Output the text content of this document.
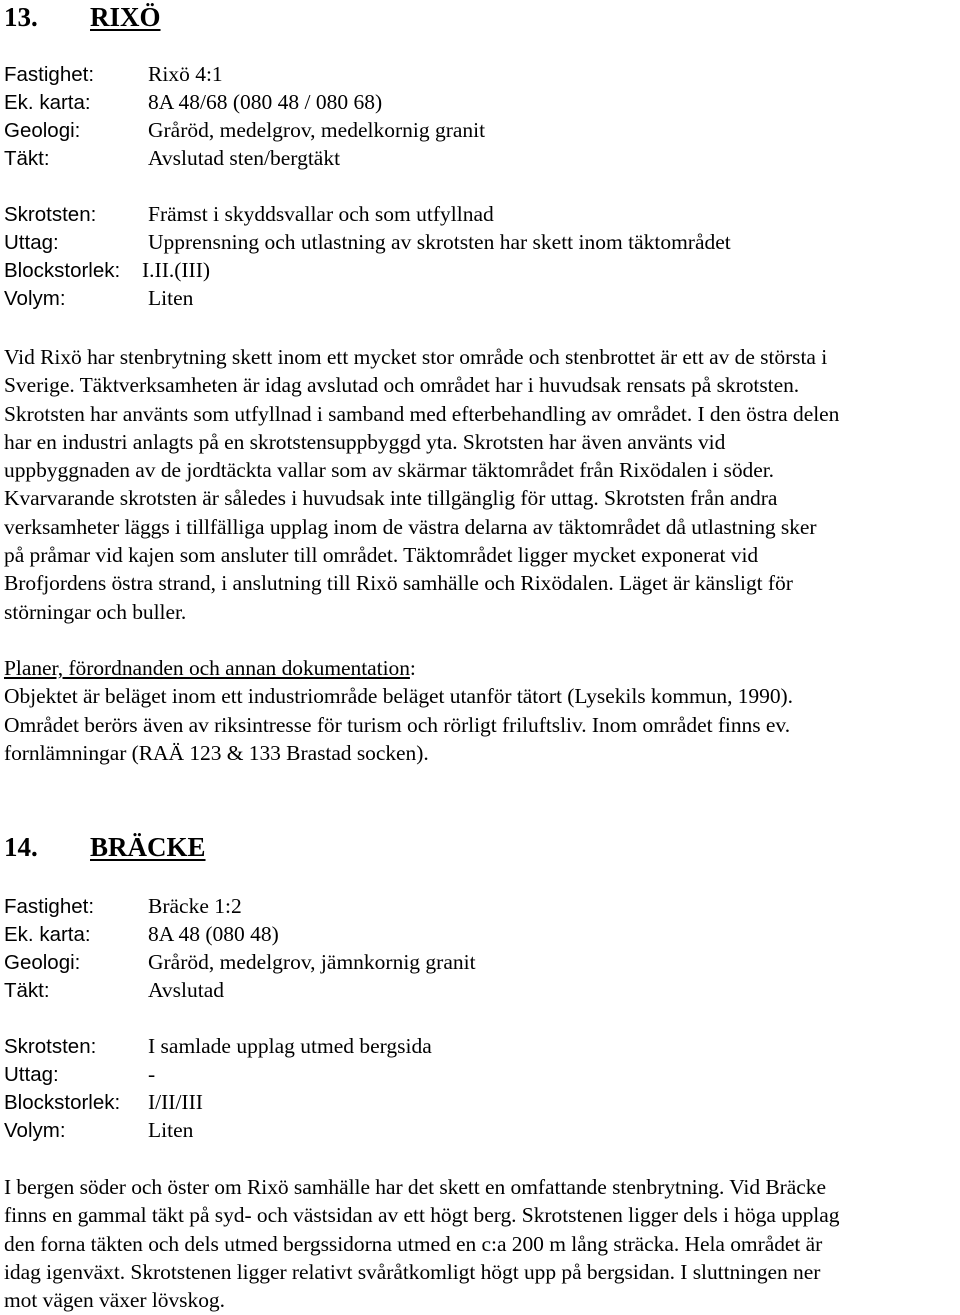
13. RIXÖ
Fastighet:	Rixö 4:1
Ek. karta:	8A 48/68 (080 48 / 080 68)
Geologi:	Gråröd, medelgrov, medelkornig granit
Täkt:	Avslutad sten/bergtäkt
Skrotsten: Främst i skyddsvallar och som utfyllnad
Uttag:	Upprensning och utlastning av skrotsten har skett inom täktområdet
Blockstorlek: I.II.(III)
Volym:	Liten
Vid Rixö har stenbrytning skett inom ett mycket stor område och stenbrottet är ett av de största i
Sverige. Täktverksamheten är idag avslutad och området har i huvudsak rensats på skrotsten.
Skrotsten har använts som utfyllnad i samband med efterbehandling av området. I den östra delen
har en industri anlagts på en skrotstensuppbyggd yta. Skrotsten har även använts vid
uppbyggnaden av de jordtäckta vallar som av skärmar täktområdet från Rixödalen i söder.
Kvarvarande skrotsten är således i huvudsak inte tillgänglig för uttag. Skrotsten från andra
verksamheter läggs i tillfälliga upplag inom de västra delarna av täktområdet då utlastning sker
på pråmar vid kajen som ansluter till området. Täktområdet ligger mycket exponerat vid
Brofjordens östra strand, i anslutning till Rixö samhälle och Rixödalen. Läget är känsligt för
störningar och buller.
Planer, förordnanden och annan dokumentation:
Objektet är beläget inom ett industriområde beläget utanför tätort (Lysekils kommun, 1990).
Området berörs även av riksintresse för turism och rörligt friluftsliv. Inom området finns ev.
fornlämningar (RAÄ 123 & 133 Brastad socken).
14. BRÄCKE
Fastighet:	Bräcke 1:2
Ek. karta:	8A 48 (080 48)
Geologi:	Gråröd, medelgrov, jämnkornig granit
Täkt:	Avslutad
Skrotsten: I samlade upplag utmed bergsida
Uttag:	-
Blockstorlek: I/II/III
Volym:	Liten
I bergen söder och öster om Rixö samhälle har det skett en omfattande stenbrytning. Vid Bräcke
finns en gammal täkt på syd- och västsidan av ett högt berg. Skrotstenen ligger dels i höga upplag
den forna täkten och dels utmed bergssidorna utmed en c:a 200 m lång sträcka. Hela området är
idag igenväxt. Skrotstenen ligger relativt svåråtkomligt högt upp på bergsidan. I sluttningen ner
mot vägen växer lövskog.
